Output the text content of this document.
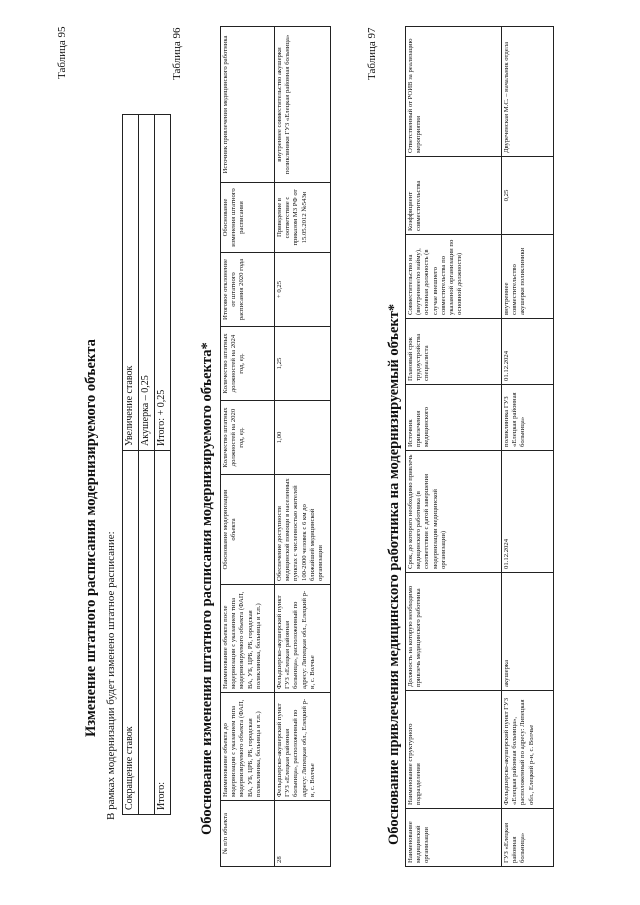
Таблица 95
Изменение штатного расписания модернизируемого объекта В рамках модернизации будет изменено штатное расписание: Сокращение ставок	Увеличение ставок
	Акушерка – 0,25
Итого:	Итого: + 0,25
Таблица 96
Обоснование изменения штатного расписания модернизируемого объекта* № п/п объекта	Наименование объекта до модернизации с указанием типа модернизируемого объекта (ФАП, ВА, УБ, ЦРБ, РБ, городская поликлиника, больница и т.п.)	Наименование объекта после модернизации с указанием типа модернизируемого объекта (ФАП, ВА, УБ, ЦРБ, РБ, городская поликлиника, больница и т.п.)	Обоснование модернизации объекта	Количество штатных должностей на 2020 год, ед.	Количество штатных должностей на 2024 год, ед.	Итоговое отклонение от штатного расписания 2020 года	Обоснование изменения штатного расписания	Источник привлечения медицинского работника
28	Фельдшерско-акушерский пункт ГУЗ «Елецкая районная больница», расположенный по адресу: Липецкая обл., Елецкий р-н, с. Волчье	Фельдшерско-акушерский пункт ГУЗ «Елецкая районная больница», расположенный по адресу: Липецкая обл., Елецкий р-н, с. Волчье	Обеспечение доступности медицинской помощи в населенных пунктах с численностью жителей 100-2000 человек с 6 км до ближайшей медицинской организации	1,00	1,25	+ 0,25	Приведение в соответствие с приказом МЗ РФ от 15.05.2012 №543н	внутреннее совместительство акушерки поликлиники ГУЗ «Елецкая районная больница»	Таблица 97
Обоснование привлечения медицинского работника на модернизируемый объект* Наименование медицинской организации	Наименование структурного подразделения	Должность на которую необходимо привлечь медицинского работника	Срок, до которого необходимо привлечь медицинского работника (в соответствии с датой завершения модернизации медицинской организации)	Источник привлечения медицинского	Плановый срок трудоустройства специалиста	Совместительство на (внутреннее/по найму), основная должность (в случае внешнего совместительства по указанной организации по основной должности)	Коэффициент совместительства	Ответственный от РОИВ за реализацию мероприятия
ГУЗ «Елецкая районная больница»	Фельдшерско-акушерский пункт ГУЗ «Елецкая районная больница», расположенный по адресу: Липецкая обл., Елецкий р-н, с. Волчье	акушерка	01.12.2024	поликлиника ГУЗ «Елецкая районная больница»	01.12.2024	внутреннее совместительство акушерки поликлиники	0,25	Двуреченская М.С. – начальник отдела
